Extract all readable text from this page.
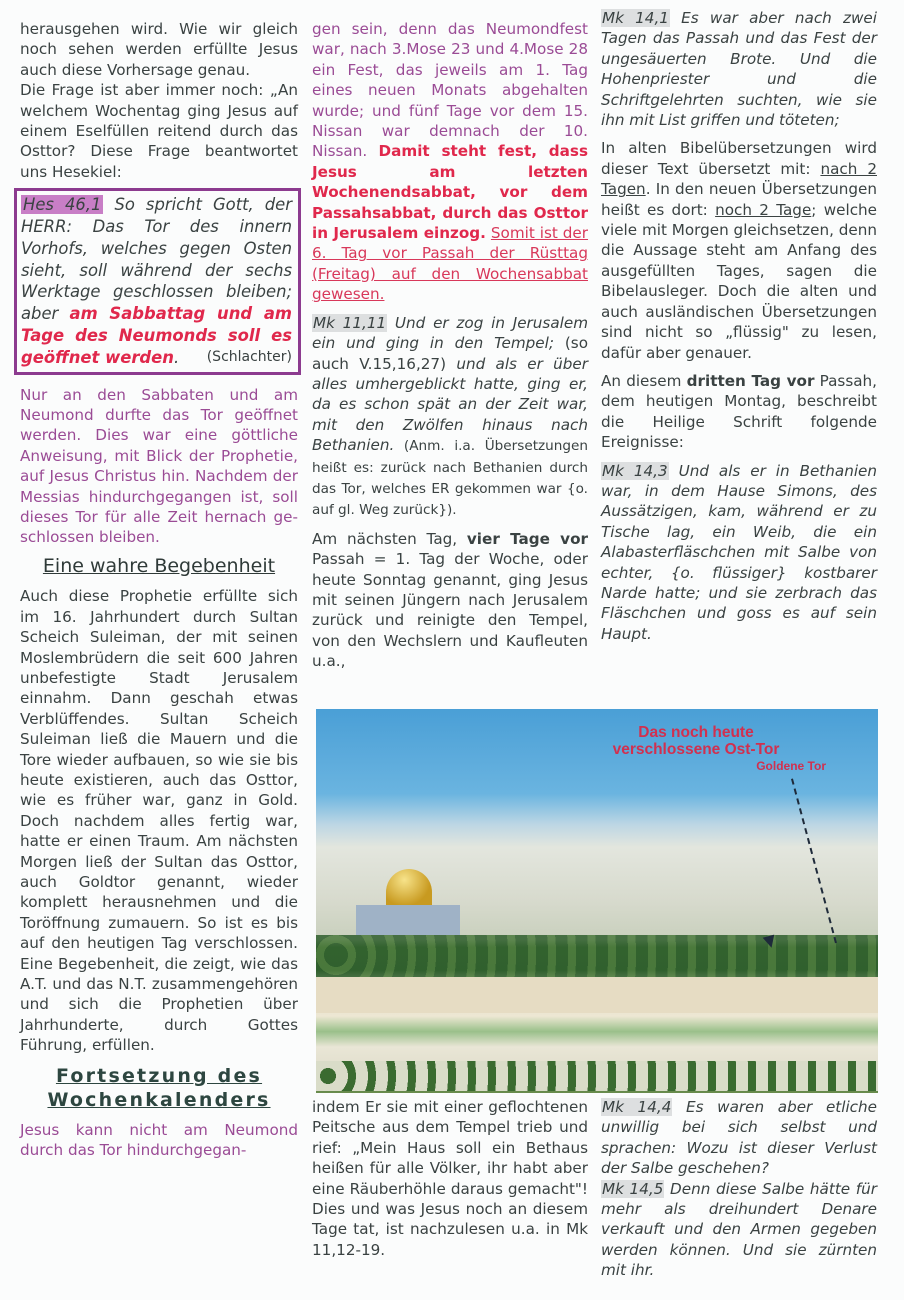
herausgehen wird. Wie wir gleich noch sehen werden erfüllte Jesus auch diese Vorhersage genau.

Die Frage ist aber immer noch: „An welchem Wochentag ging Jesus auf einem Eselfüllen reitend durch das Osttor? Diese Frage beantwortet uns Hesekiel:

Hes 46,1 So spricht Gott, der HERR: Das Tor des innern Vorhofs, welches gegen Osten sieht, soll während der sechs Werktage geschlossen bleiben; aber am Sabbattag und am Tage des Neumonds soll es geöffnet werden. (Schlachter)

Nur an den Sabbaten und am Neumond durfte das Tor geöffnet werden. Dies war eine göttliche Anweisung, mit Blick der Prophetie, auf Jesus Christus hin. Nachdem der Messias hindurchgegangen ist, soll dieses Tor für alle Zeit hernach geschlossen bleiben.

Eine wahre Begebenheit

Auch diese Prophetie erfüllte sich im 16. Jahrhundert durch Sultan Scheich Suleiman, der mit seinen Moslembrüdern die seit 600 Jahren unbefestigte Stadt Jerusalem einnahm. Dann geschah etwas Verblüffendes. Sultan Scheich Suleiman ließ die Mauern und die Tore wieder aufbauen, so wie sie bis heute existieren, auch das Osttor, wie es früher war, ganz in Gold. Doch nachdem alles fertig war, hatte er einen Traum. Am nächsten Morgen ließ der Sultan das Osttor, auch Goldtor genannt, wieder komplett herausnehmen und die Toröffnung zumauern. So ist es bis auf den heutigen Tag verschlossen. Eine Begebenheit, die zeigt, wie das A.T. und das N.T. zusammengehören und sich die Prophetien über Jahrhunderte, durch Gottes Führung, erfüllen.

Fortsetzung des
Wochenkalenders

Jesus kann nicht am Neumond durch das Tor hindurchgegan-

gen sein, denn das Neumondfest war, nach 3.Mose 23 und 4.Mose 28 ein Fest, das jeweils am 1. Tag eines neuen Monats abgehalten wurde; und fünf Tage vor dem 15. Nissan war demnach der 10. Nissan. Damit steht fest, dass Jesus am letzten Wochenendsabbat, vor dem Passahsabbat, durch das Osttor in Jerusalem einzog. Somit ist der 6. Tag vor Passah der Rüsttag (Freitag) auf den Wochensabbat gewesen.

Mk 11,11 Und er zog in Jerusalem ein und ging in den Tempel; (so auch V.15,16,27) und als er über alles umhergeblickt hatte, ging er, da es schon spät an der Zeit war, mit den Zwölfen hinaus nach Bethanien. (Anm. i.a. Übersetzungen heißt es: zurück nach Bethanien durch das Tor, welches ER gekommen war {o. auf gl. Weg zurück}).

Am nächsten Tag, vier Tage vor Passah = 1. Tag der Woche, oder heute Sonntag genannt, ging Jesus mit seinen Jüngern nach Jerusalem zurück und reinigte den Tempel, von den Wechslern und Kaufleuten u.a.,

Mk 14,1 Es war aber nach zwei Tagen das Passah und das Fest der ungesäuerten Brote. Und die Hohenpriester und die Schriftgelehrten suchten, wie sie ihn mit List griffen und töteten;

In alten Bibelübersetzungen wird dieser Text übersetzt mit: nach 2 Tagen. In den neuen Übersetzungen heißt es dort: noch 2 Tage; welche viele mit Morgen gleichsetzen, denn die Aussage steht am Anfang des ausgefüllten Tages, sagen die Bibelausleger. Doch die alten und auch ausländischen Übersetzungen sind nicht so „flüssig" zu lesen, dafür aber genauer.

An diesem dritten Tag vor Passah, dem heutigen Montag, beschreibt die Heilige Schrift folgende Ereignisse:

Mk 14,3 Und als er in Bethanien war, in dem Hause Simons, des Aussätzigen, kam, während er zu Tische lag, ein Weib, die ein Alabasterfläschchen mit Salbe von echter, {o. flüssiger} kostbarer Narde hatte; und sie zerbrach das Fläschchen und goss es auf sein Haupt.

Das noch heute
verschlossene Ost-Tor
Goldene Tor

indem Er sie mit einer geflochtenen Peitsche aus dem Tempel trieb und rief: „Mein Haus soll ein Bethaus heißen für alle Völker, ihr habt aber eine Räuberhöhle daraus gemacht"! Dies und was Jesus noch an diesem Tage tat, ist nachzulesen u.a. in Mk 11,12-19.

Mk 14,4 Es waren aber etliche unwillig bei sich selbst und sprachen: Wozu ist dieser Verlust der Salbe geschehen?

Mk 14,5 Denn diese Salbe hätte für mehr als dreihundert Denare verkauft und den Armen gegeben werden können. Und sie zürnten mit ihr.
